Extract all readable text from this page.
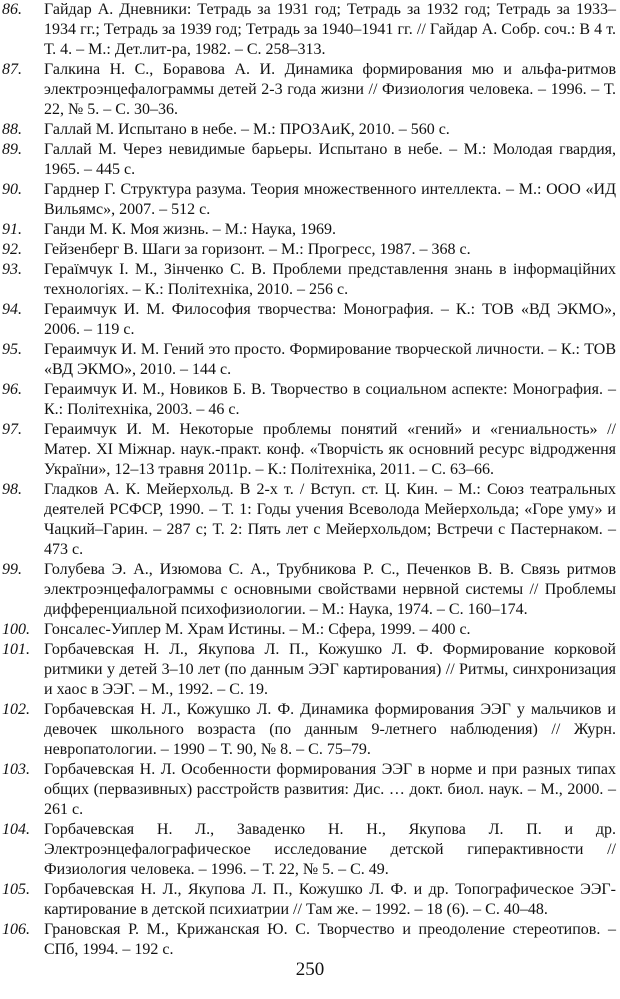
86. Гайдар А. Дневники: Тетрадь за 1931 год; Тетрадь за 1932 год; Тетрадь за 1933–1934 гг.; Тетрадь за 1939 год; Тетрадь за 1940–1941 гг. // Гайдар А. Собр. соч.: В 4 т. Т. 4. – М.: Дет.лит-ра, 1982. – С. 258–313.

87. Галкина Н. С., Боравова А. И. Динамика формирования мю и альфа-ритмов электроэнцефалограммы детей 2-3 года жизни // Физиология человека. – 1996. – Т. 22, № 5. – С. 30–36.

88. Галлай М. Испытано в небе. – М.: ПРОЗАиК, 2010. – 560 с.

89. Галлай М. Через невидимые барьеры. Испытано в небе. – М.: Молодая гвардия, 1965. – 445 с.

90. Гарднер Г. Структура разума. Теория множественного интеллекта. – М.: ООО «ИД Вильямс», 2007. – 512 с.

91. Ганди М. К. Моя жизнь. – М.: Наука, 1969.

92. Гейзенберг В. Шаги за горизонт. – М.: Прогресс, 1987. – 368 с.

93. Гераїмчук І. М., Зінченко С. В. Проблеми представлення знань в інформаційних технологіях. – К.: Політехніка, 2010. – 256 с.

94. Гераимчук И. М. Философия творчества: Монография. – К.: ТОВ «ВД ЭКМО», 2006. – 119 с.

95. Гераимчук И. М. Гений это просто. Формирование творческой личности. – К.: ТОВ «ВД ЭКМО», 2010. – 144 с.

96. Гераимчук И. М., Новиков Б. В. Творчество в социальном аспекте: Монография. – К.: Політехніка, 2003. – 46 с.

97. Гераимчук И. М. Некоторые проблемы понятий «гений» и «гениальность» // Матер. XI Міжнар. наук.-практ. конф. «Творчість як основний ресурс відродження України», 12–13 травня 2011р. – К.: Політехніка, 2011. – С. 63–66.

98. Гладков А. К. Мейерхольд. В 2-х т. / Вступ. ст. Ц. Кин. – М.: Союз театральных деятелей РСФСР, 1990. – Т. 1: Годы учения Всеволода Мейерхольда; «Горе уму» и Чацкий–Гарин. – 287 с; Т. 2: Пять лет с Мейерхольдом; Встречи с Пастернаком. – 473 с.

99. Голубева Э. А., Изюмова С. А., Трубникова Р. С., Печенков В. В. Связь ритмов электроэнцефалограммы с основными свойствами нервной системы // Проблемы дифференциальной психофизиологии. – М.: Наука, 1974. – С. 160–174.

100. Гонсалес-Уиплер М. Храм Истины. – М.: Сфера, 1999. – 400 с.

101. Горбачевская Н. Л., Якупова Л. П., Кожушко Л. Ф. Формирование корковой ритмики у детей 3–10 лет (по данным ЭЭГ картирования) // Ритмы, синхронизация и хаос в ЭЭГ. – М., 1992. – С. 19.

102. Горбачевская Н. Л., Кожушко Л. Ф. Динамика формирования ЭЭГ у мальчиков и девочек школьного возраста (по данным 9-летнего наблюдения) // Журн. невропатологии. – 1990 – Т. 90, № 8. – С. 75–79.

103. Горбачевская Н. Л. Особенности формирования ЭЭГ в норме и при разных типах общих (первазивных) расстройств развития: Дис. … докт. биол. наук. – М., 2000. – 261 с.

104. Горбачевская Н. Л., Заваденко Н. Н., Якупова Л. П. и др. Электроэнцефалографическое исследование детской гиперактивности // Физиология человека. – 1996. – Т. 22, № 5. – С. 49.

105. Горбачевская Н. Л., Якупова Л. П., Кожушко Л. Ф. и др. Топографическое ЭЭГ-картирование в детской психиатрии // Там же. – 1992. – 18 (6). – С. 40–48.

106. Грановская Р. М., Крижанская Ю. С. Творчество и преодоление стереотипов. – СПб, 1994. – 192 с.

250
